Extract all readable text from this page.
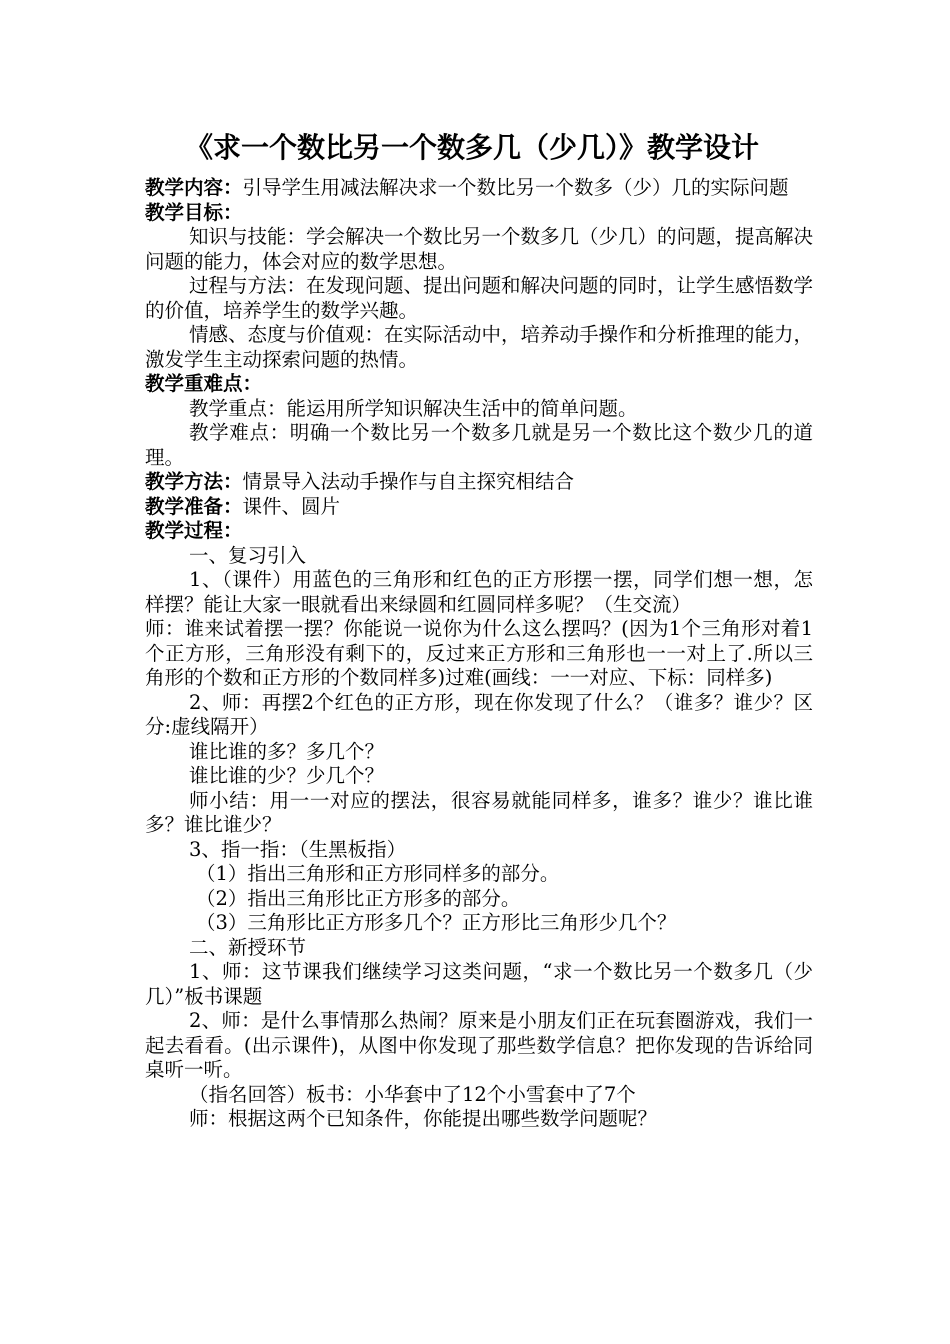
《求一个数比另一个数多几（少几）》教学设计

教学内容：引导学生用减法解决求一个数比另一个数多（少）几的实际问题

教学目标：

知识与技能：学会解决一个数比另一个数多几（少几）的问题，提高解决问题的能力，体会对应的数学思想。

过程与方法：在发现问题、提出问题和解决问题的同时，让学生感悟数学的价值，培养学生的数学兴趣。

情感、态度与价值观：在实际活动中，培养动手操作和分析推理的能力，激发学生主动探索问题的热情。

教学重难点：

教学重点：能运用所学知识解决生活中的简单问题。

教学难点：明确一个数比另一个数多几就是另一个数比这个数少几的道理。

教学方法：情景导入法动手操作与自主探究相结合

教学准备：课件、圆片

教学过程：

一、复习引入

1、（课件）用蓝色的三角形和红色的正方形摆一摆，同学们想一想，怎样摆？能让大家一眼就看出来绿圆和红圆同样多呢？（生交流）

师：谁来试着摆一摆？你能说一说你为什么这么摆吗？(因为1个三角形对着1个正方形，三角形没有剩下的，反过来正方形和三角形也一一对上了.所以三角形的个数和正方形的个数同样多)过难(画线：一一对应、下标：同样多)

2、师：再摆2个红色的正方形，现在你发现了什么？（谁多？谁少？区分:虚线隔开）

谁比谁的多？多几个？

谁比谁的少？少几个？

师小结：用一一对应的摆法，很容易就能同样多，谁多？谁少？谁比谁多？谁比谁少？

3、指一指：（生黑板指）

（1）指出三角形和正方形同样多的部分。

（2）指出三角形比正方形多的部分。

（3）三角形比正方形多几个？正方形比三角形少几个？

二、新授环节

1、师：这节课我们继续学习这类问题，“求一个数比另一个数多几（少几）”板书课题

2、师：是什么事情那么热闹？原来是小朋友们正在玩套圈游戏，我们一起去看看。(出示课件)，从图中你发现了那些数学信息？把你发现的告诉给同桌听一听。

（指名回答）板书：小华套中了12个小雪套中了7个

师：根据这两个已知条件，你能提出哪些数学问题呢？
